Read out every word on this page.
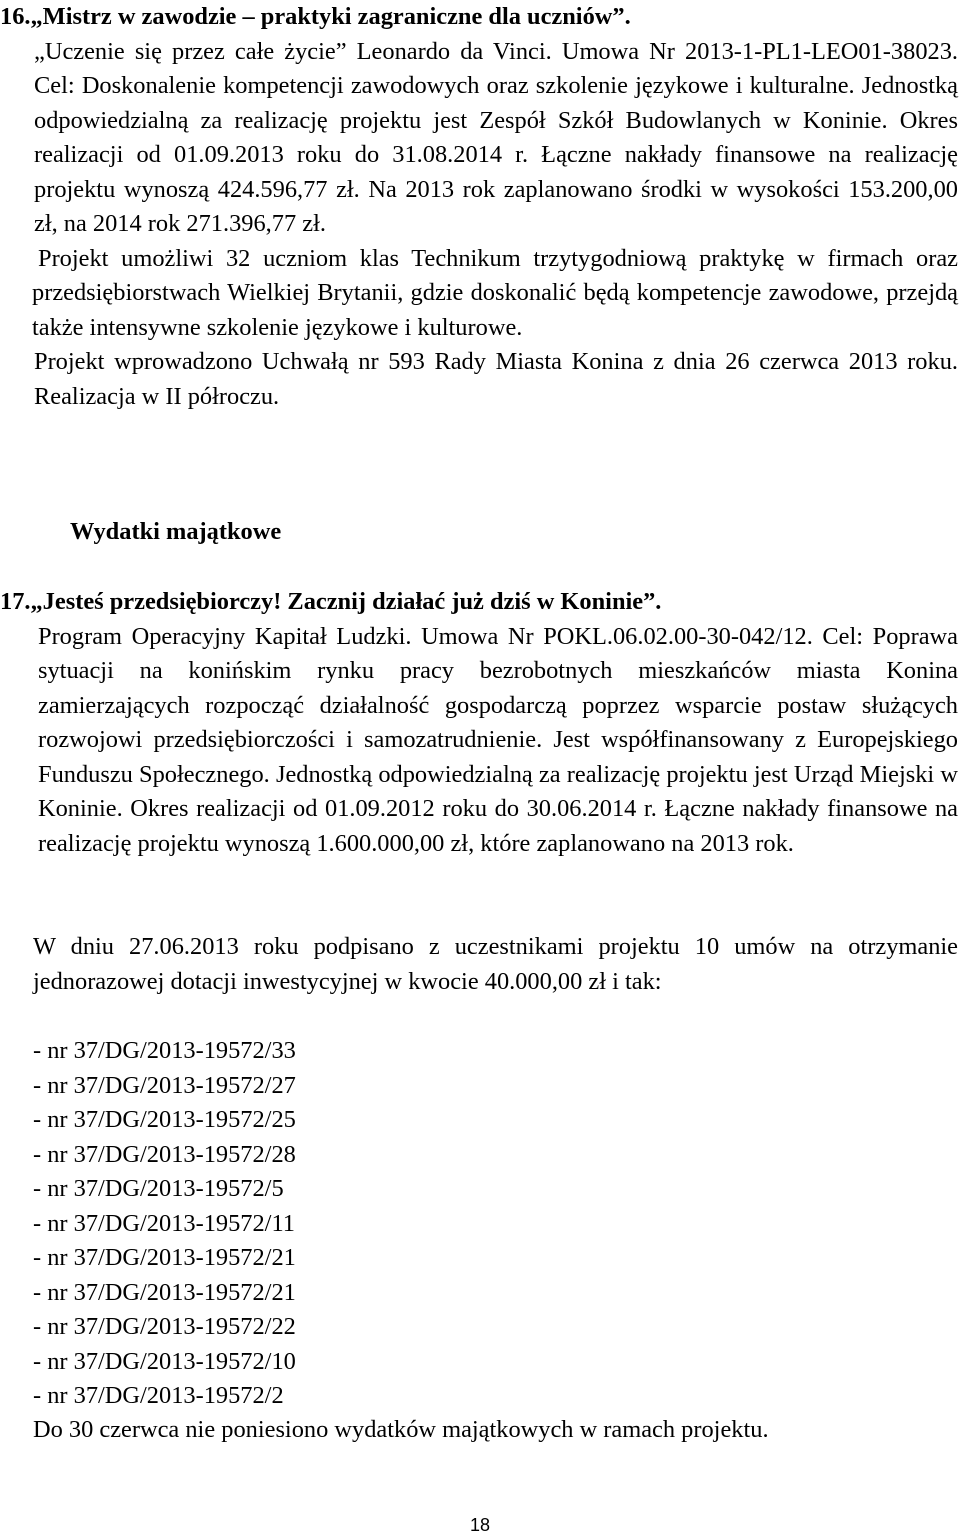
16.„Mistrz w zawodzie – praktyki zagraniczne dla uczniów”.

„Uczenie się przez całe życie” Leonardo da Vinci. Umowa Nr 2013-1-PL1-LEO01-38023. Cel: Doskonalenie kompetencji zawodowych oraz szkolenie językowe i kulturalne. Jednostką odpowiedzialną za realizację projektu jest Zespół Szkół Budowlanych w Koninie. Okres realizacji od 01.09.2013 roku do 31.08.2014 r. Łączne nakłady finansowe na realizację projektu wynoszą 424.596,77 zł. Na 2013 rok zaplanowano środki w wysokości 153.200,00 zł, na 2014 rok 271.396,77 zł.

Projekt umożliwi 32 uczniom klas Technikum trzytygodniową praktykę w firmach oraz przedsiębiorstwach Wielkiej Brytanii, gdzie doskonalić będą kompetencje zawodowe, przejdą także intensywne szkolenie językowe i kulturowe.

Projekt wprowadzono Uchwałą nr 593 Rady Miasta Konina z dnia 26 czerwca 2013 roku. Realizacja w II półroczu.

Wydatki majątkowe

17.„Jesteś przedsiębiorczy! Zacznij działać już dziś w Koninie”.

Program Operacyjny Kapitał Ludzki. Umowa Nr POKL.06.02.00-30-042/12. Cel: Poprawa sytuacji na konińskim rynku pracy bezrobotnych mieszkańców miasta Konina zamierzających rozpocząć działalność gospodarczą poprzez wsparcie postaw służących rozwojowi przedsiębiorczości i samozatrudnienie. Jest współfinansowany z Europejskiego Funduszu Społecznego. Jednostką odpowiedzialną za realizację projektu jest Urząd Miejski w Koninie. Okres realizacji od 01.09.2012 roku do 30.06.2014 r. Łączne nakłady finansowe na realizację projektu wynoszą 1.600.000,00 zł, które zaplanowano na 2013 rok.

W dniu 27.06.2013 roku podpisano z uczestnikami projektu 10 umów na otrzymanie jednorazowej dotacji inwestycyjnej w kwocie 40.000,00 zł i tak:

- nr 37/DG/2013-19572/33
- nr 37/DG/2013-19572/27
- nr 37/DG/2013-19572/25
- nr 37/DG/2013-19572/28
- nr 37/DG/2013-19572/5
- nr 37/DG/2013-19572/11
- nr 37/DG/2013-19572/21
- nr 37/DG/2013-19572/21
- nr 37/DG/2013-19572/22
- nr 37/DG/2013-19572/10
- nr 37/DG/2013-19572/2

Do 30 czerwca nie poniesiono wydatków majątkowych w ramach projektu.

18
